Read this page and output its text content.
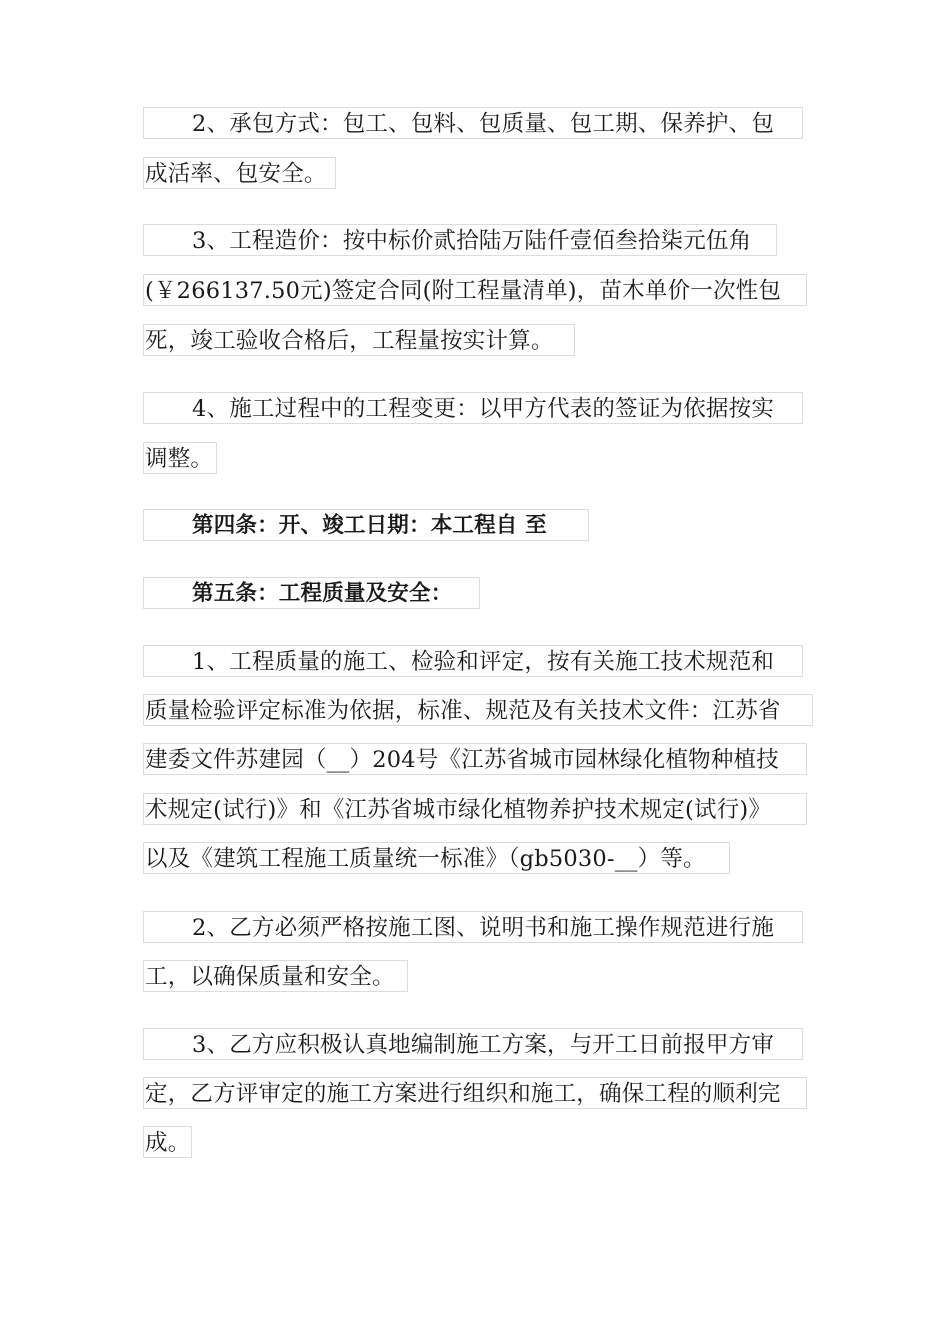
2、承包方式：包工、包料、包质量、包工期、保养护、包
成活率、包安全。
3、工程造价：按中标价贰拾陆万陆仟壹佰叁拾柒元伍角
(￥266137.50元)签定合同(附工程量清单)，苗木单价一次性包
死，竣工验收合格后，工程量按实计算。
4、施工过程中的工程变更：以甲方代表的签证为依据按实
调整。
第四条：开、竣工日期：本工程自 至
第五条：工程质量及安全：
1、工程质量的施工、检验和评定，按有关施工技术规范和
质量检验评定标准为依据，标准、规范及有关技术文件：江苏省
建委文件苏建园（__）204号《江苏省城市园林绿化植物种植技
术规定(试行)》和《江苏省城市绿化植物养护技术规定(试行)》
以及《建筑工程施工质量统一标准》（gb5030-__）等。
2、乙方必须严格按施工图、说明书和施工操作规范进行施
工，以确保质量和安全。
3、乙方应积极认真地编制施工方案，与开工日前报甲方审
定，乙方评审定的施工方案进行组织和施工，确保工程的顺利完
成。
